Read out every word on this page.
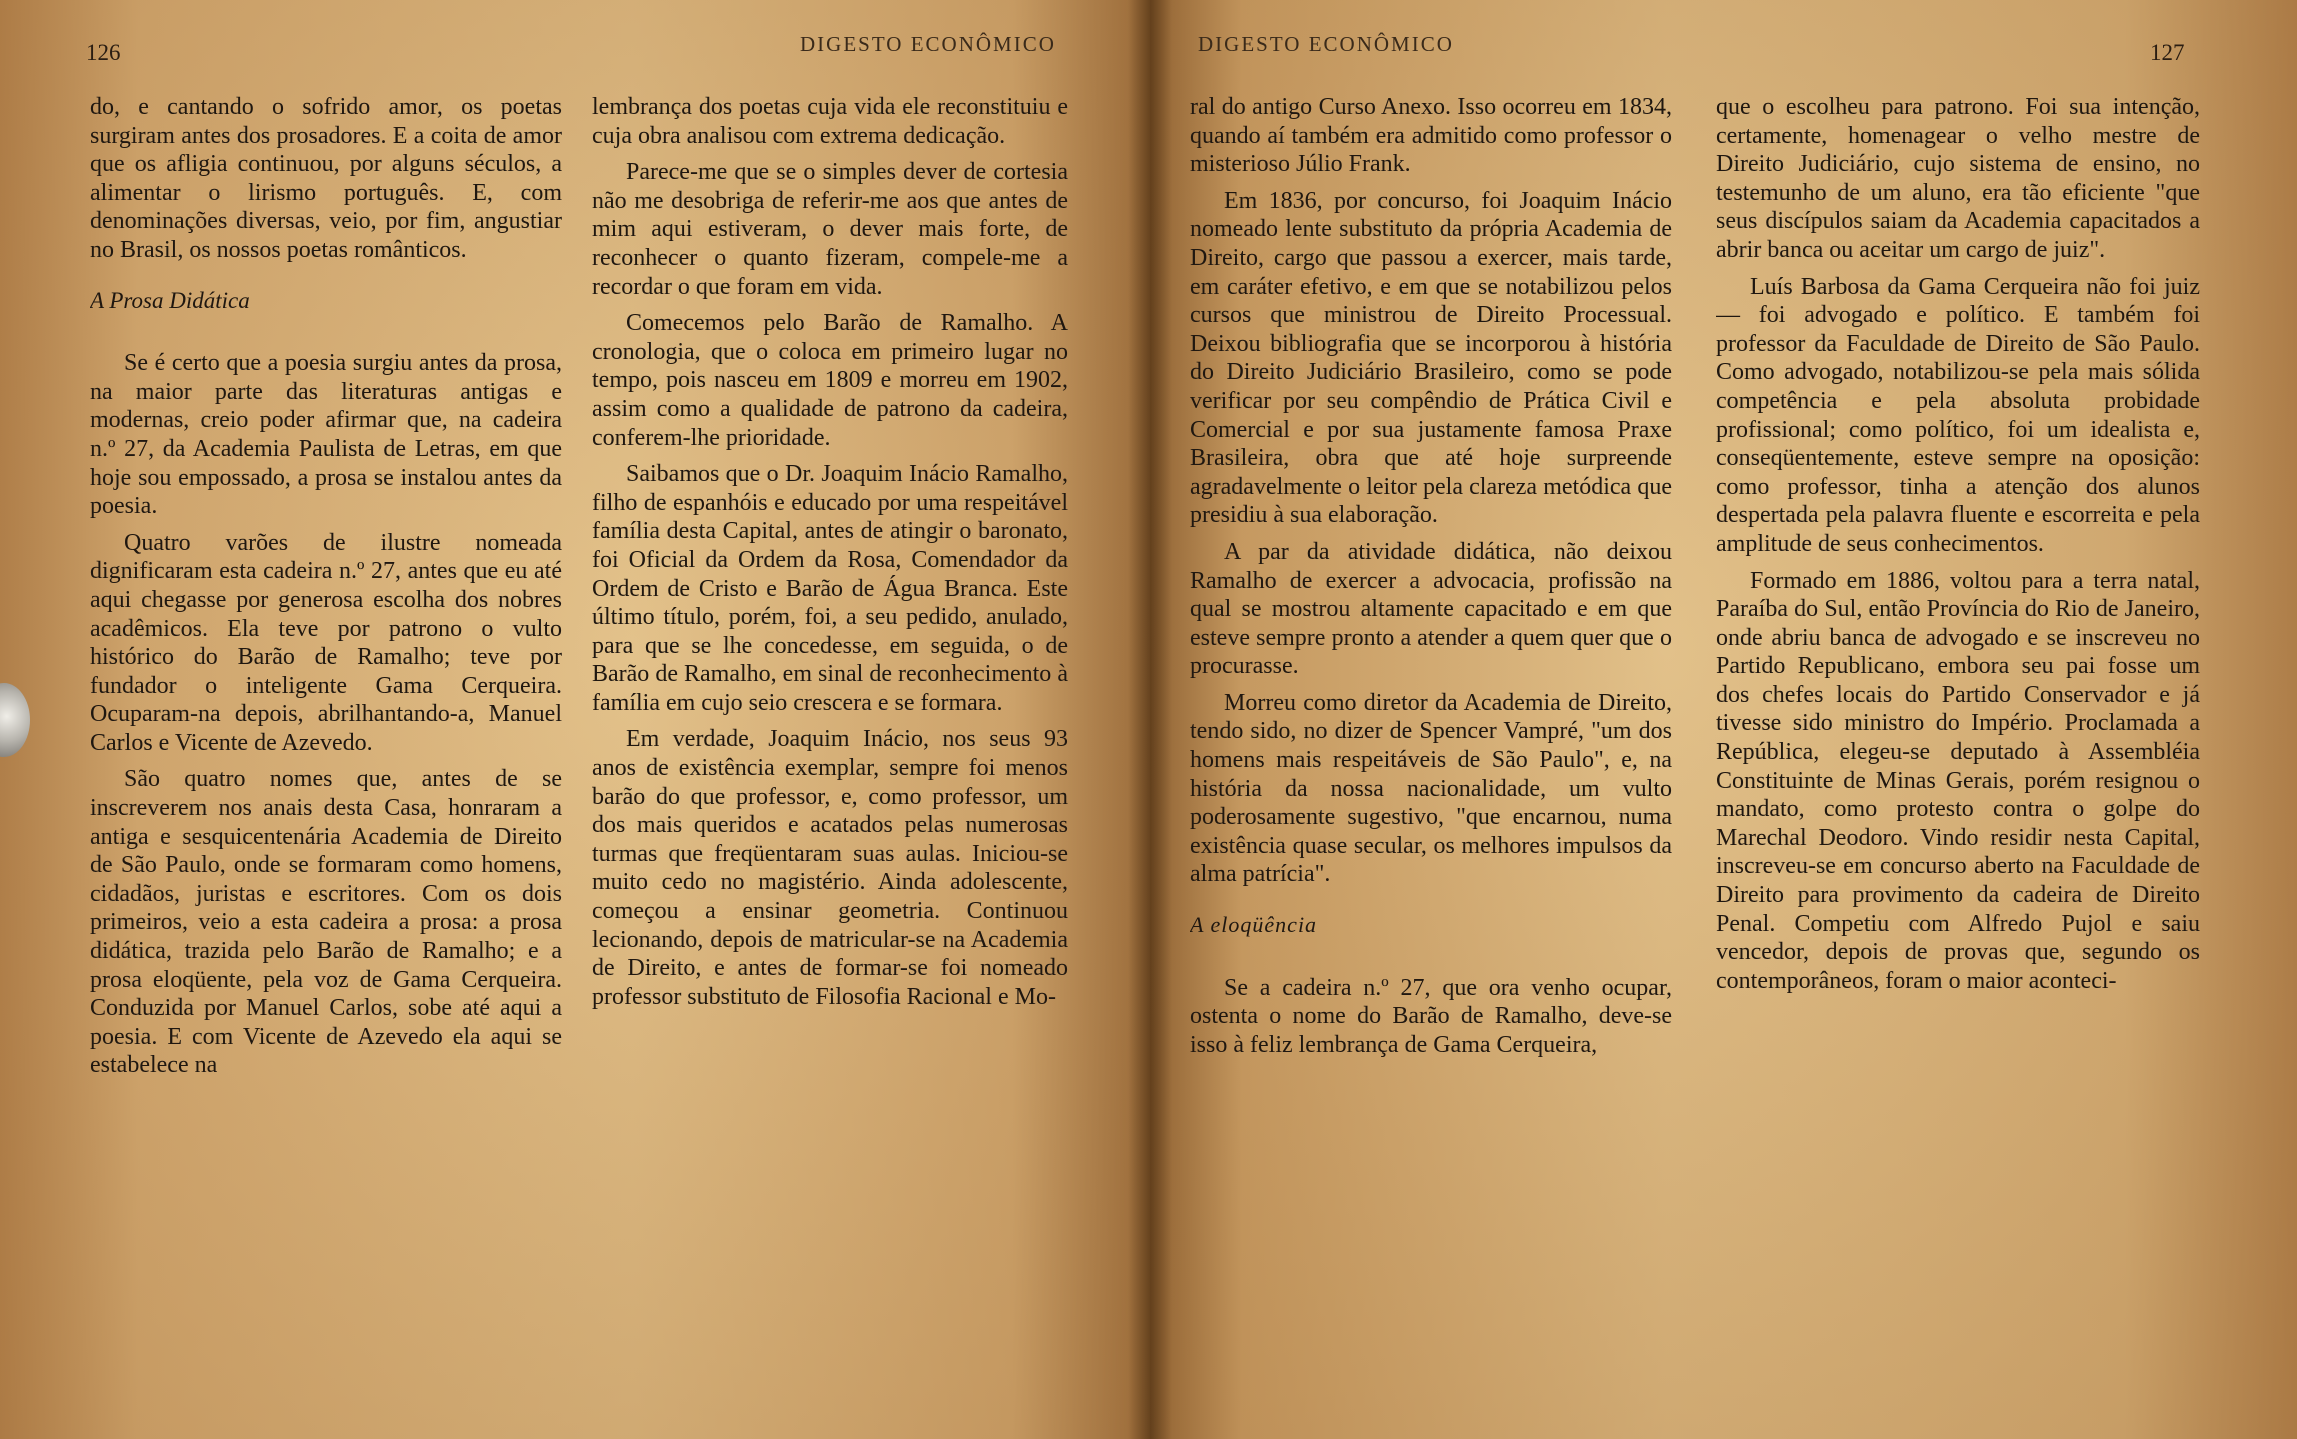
126	DIGESTO ECONÔMICO

do, e cantando o sofrido amor, os poetas surgiram antes dos prosadores. E a coita de amor que os afligia continuou, por alguns séculos, a alimentar o lirismo português. E, com denominações diversas, veio, por fim, angustiar no Brasil, os nossos poetas românticos.

A Prosa Didática

Se é certo que a poesia surgiu antes da prosa, na maior parte das literaturas antigas e modernas, creio poder afirmar que, na cadeira n.º 27, da Academia Paulista de Letras, em que hoje sou empossado, a prosa se instalou antes da poesia.

Quatro varões de ilustre nomeada dignificaram esta cadeira n.º 27, antes que eu até aqui chegasse por generosa escolha dos nobres acadêmicos. Ela teve por patrono o vulto histórico do Barão de Ramalho; teve por fundador o inteligente Gama Cerqueira. Ocuparam-na depois, abrilhantando-a, Manuel Carlos e Vicente de Azevedo.

São quatro nomes que, antes de se inscreverem nos anais desta Casa, honraram a antiga e sesquicentenária Academia de Direito de São Paulo, onde se formaram como homens, cidadãos, juristas e escritores. Com os dois primeiros, veio a esta cadeira a prosa: a prosa didática, trazida pelo Barão de Ramalho; e a prosa eloqüente, pela voz de Gama Cerqueira. Conduzida por Manuel Carlos, sobe até aqui a poesia. E com Vicente de Azevedo ela aqui se estabelece na

lembrança dos poetas cuja vida ele reconstituiu e cuja obra analisou com extrema dedicação.

Parece-me que se o simples dever de cortesia não me desobriga de referir-me aos que antes de mim aqui estiveram, o dever mais forte, de reconhecer o quanto fizeram, compele-me a recordar o que foram em vida.

Comecemos pelo Barão de Ramalho. A cronologia, que o coloca em primeiro lugar no tempo, pois nasceu em 1809 e morreu em 1902, assim como a qualidade de patrono da cadeira, conferem-lhe prioridade.

Saibamos que o Dr. Joaquim Inácio Ramalho, filho de espanhóis e educado por uma respeitável família desta Capital, antes de atingir o baronato, foi Oficial da Ordem da Rosa, Comendador da Ordem de Cristo e Barão de Água Branca. Este último título, porém, foi, a seu pedido, anulado, para que se lhe concedesse, em seguida, o de Barão de Ramalho, em sinal de reconhecimento à família em cujo seio crescera e se formara.

Em verdade, Joaquim Inácio, nos seus 93 anos de existência exemplar, sempre foi menos barão do que professor, e, como professor, um dos mais queridos e acatados pelas numerosas turmas que freqüentaram suas aulas. Iniciou-se muito cedo no magistério. Ainda adolescente, começou a ensinar geometria. Continuou lecionando, depois de matricular-se na Academia de Direito, e antes de formar-se foi nomeado professor substituto de Filosofia Racional e Mo-

DIGESTO ECONÔMICO	127

ral do antigo Curso Anexo. Isso ocorreu em 1834, quando aí também era admitido como professor o misterioso Júlio Frank.

Em 1836, por concurso, foi Joaquim Inácio nomeado lente substituto da própria Academia de Direito, cargo que passou a exercer, mais tarde, em caráter efetivo, e em que se notabilizou pelos cursos que ministrou de Direito Processual. Deixou bibliografia que se incorporou à história do Direito Judiciário Brasileiro, como se pode verificar por seu compêndio de Prática Civil e Comercial e por sua justamente famosa Praxe Brasileira, obra que até hoje surpreende agradavelmente o leitor pela clareza metódica que presidiu à sua elaboração.

A par da atividade didática, não deixou Ramalho de exercer a advocacia, profissão na qual se mostrou altamente capacitado e em que esteve sempre pronto a atender a quem quer que o procurasse.

Morreu como diretor da Academia de Direito, tendo sido, no dizer de Spencer Vampré, "um dos homens mais respeitáveis de São Paulo", e, na história da nossa nacionalidade, um vulto poderosamente sugestivo, "que encarnou, numa existência quase secular, os melhores impulsos da alma patrícia".

A eloqüência

Se a cadeira n.º 27, que ora venho ocupar, ostenta o nome do Barão de Ramalho, deve-se isso à feliz lembrança de Gama Cerqueira,

que o escolheu para patrono. Foi sua intenção, certamente, homenagear o velho mestre de Direito Judiciário, cujo sistema de ensino, no testemunho de um aluno, era tão eficiente "que seus discípulos saiam da Academia capacitados a abrir banca ou aceitar um cargo de juiz".

Luís Barbosa da Gama Cerqueira não foi juiz — foi advogado e político. E também foi professor da Faculdade de Direito de São Paulo. Como advogado, notabilizou-se pela mais sólida competência e pela absoluta probidade profissional; como político, foi um idealista e, conseqüentemente, esteve sempre na oposição: como professor, tinha a atenção dos alunos despertada pela palavra fluente e escorreita e pela amplitude de seus conhecimentos.

Formado em 1886, voltou para a terra natal, Paraíba do Sul, então Província do Rio de Janeiro, onde abriu banca de advogado e se inscreveu no Partido Republicano, embora seu pai fosse um dos chefes locais do Partido Conservador e já tivesse sido ministro do Império. Proclamada a República, elegeu-se deputado à Assembléia Constituinte de Minas Gerais, porém resignou o mandato, como protesto contra o golpe do Marechal Deodoro. Vindo residir nesta Capital, inscreveu-se em concurso aberto na Faculdade de Direito para provimento da cadeira de Direito Penal. Competiu com Alfredo Pujol e saiu vencedor, depois de provas que, segundo os contemporâneos, foram o maior aconteci-
